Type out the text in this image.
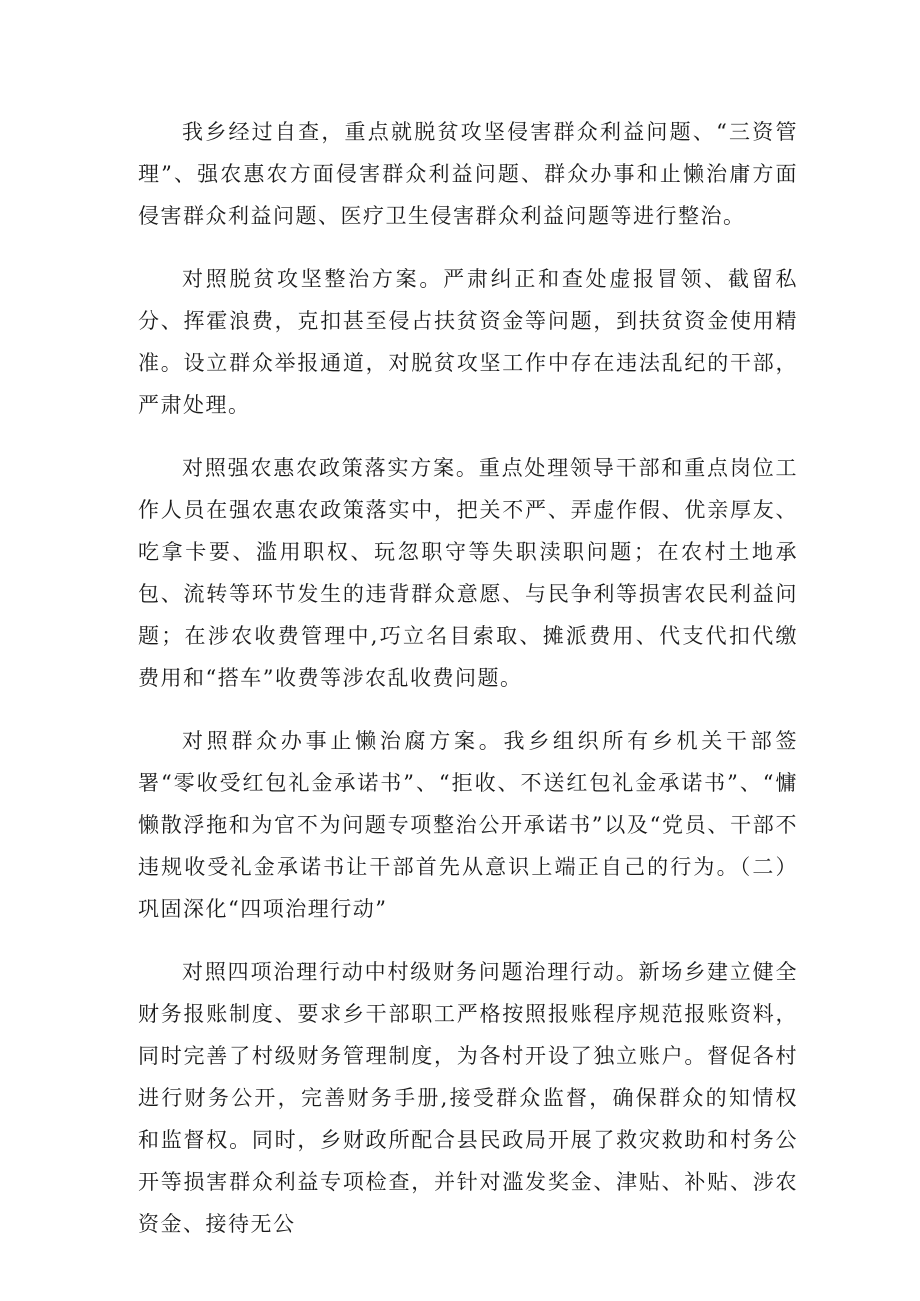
我乡经过自查，重点就脱贫攻坚侵害群众利益问题、“三资管理”、强农惠农方面侵害群众利益问题、群众办事和止懒治庸方面侵害群众利益问题、医疗卫生侵害群众利益问题等进行整治。

对照脱贫攻坚整治方案。严肃纠正和查处虚报冒领、截留私分、挥霍浪费，克扣甚至侵占扶贫资金等问题，到扶贫资金使用精准。设立群众举报通道，对脱贫攻坚工作中存在违法乱纪的干部，严肃处理。

对照强农惠农政策落实方案。重点处理领导干部和重点岗位工作人员在强农惠农政策落实中，把关不严、弄虚作假、优亲厚友、吃拿卡要、滥用职权、玩忽职守等失职渎职问题；在农村土地承包、流转等环节发生的违背群众意愿、与民争利等损害农民利益问题；在涉农收费管理中,巧立名目索取、摊派费用、代支代扣代缴费用和“搭车”收费等涉农乱收费问题。

对照群众办事止懒治腐方案。我乡组织所有乡机关干部签署“零收受红包礼金承诺书”、“拒收、不送红包礼金承诺书”、“慵懒散浮拖和为官不为问题专项整治公开承诺书”以及“党员、干部不违规收受礼金承诺书让干部首先从意识上端正自己的行为。（二）巩固深化“四项治理行动”

对照四项治理行动中村级财务问题治理行动。新场乡建立健全财务报账制度、要求乡干部职工严格按照报账程序规范报账资料，同时完善了村级财务管理制度，为各村开设了独立账户。督促各村进行财务公开，完善财务手册,接受群众监督，确保群众的知情权和监督权。同时，乡财政所配合县民政局开展了救灾救助和村务公开等损害群众利益专项检查，并针对滥发奖金、津贴、补贴、涉农资金、接待无公
